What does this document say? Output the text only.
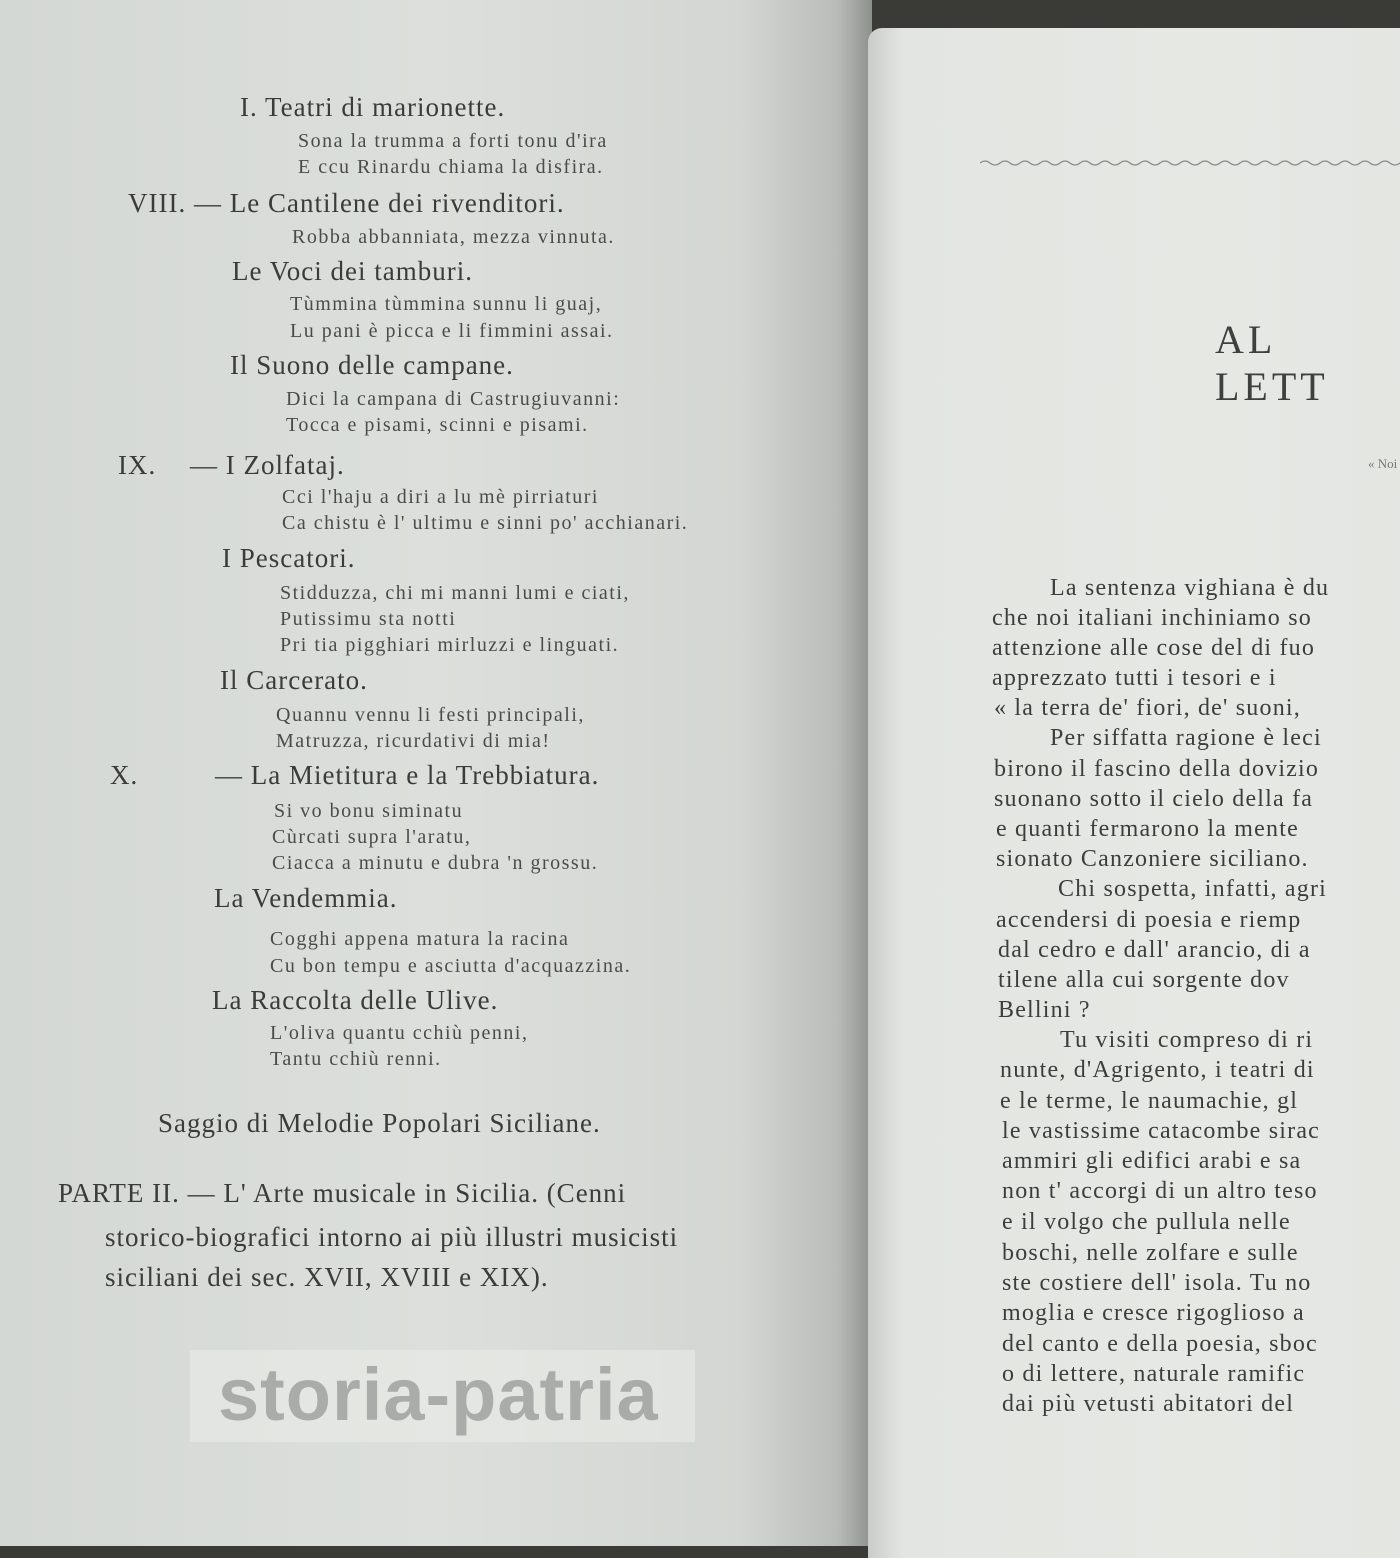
storia-patria
AL LETT
« Noi
I. Teatri di marionette.
Sona la trumma a forti tonu d'ira
E ccu Rinardu chiama la disfira.
VIII. — Le Cantilene dei rivenditori.
Robba abbanniata, mezza vinnuta.
Le Voci dei tamburi.
Tùmmina tùmmina sunnu li guaj,
Lu pani è picca e li fimmini assai.
Il Suono delle campane.
Dici la campana di Castrugiuvanni:
Tocca e pisami, scinni e pisami.
IX. — I Zolfataj.
Cci l'haju a diri a lu mè pirriaturi
Ca chistu è l' ultimu e sinni po' acchianari.
I Pescatori.
Stidduzza, chi mi manni lumi e ciati,
Putissimu sta notti
Pri tia pigghiari mirluzzi e linguati.
Il Carcerato.
Quannu vennu li festi principali,
Matruzza, ricurdativi di mia!
X.	— La Mietitura e la Trebbiatura.
Si vo bonu siminatu
Cùrcati supra l'aratu,
Ciacca a minutu e dubra 'n grossu.
La Vendemmia.
Cogghi appena matura la racina
Cu bon tempu e asciutta d'acquazzina.
La Raccolta delle Ulive.
L'oliva quantu cchiù penni,
Tantu cchiù renni.
Saggio di Melodie Popolari Siciliane.
PARTE II. — L' Arte musicale in Sicilia. (Cenni
storico-biografici intorno ai più illustri musicisti
siciliani dei sec. XVII, XVIII e XIX).
La sentenza vighiana è du
che noi italiani inchiniamo so
attenzione alle cose del di fuo
apprezzato tutti i tesori e i
« la terra de' fiori, de' suoni,
Per siffatta ragione è leci
birono il fascino della dovizio
suonano sotto il cielo della fa
e quanti fermarono la mente
sionato Canzoniere siciliano.
Chi sospetta, infatti, agri
accendersi di poesia e riemp
dal cedro e dall' arancio, di a
tilene alla cui sorgente dov
Bellini ?
Tu visiti compreso di ri
nunte, d'Agrigento, i teatri di
e le terme, le naumachie, gl
le vastissime catacombe sirac
ammiri gli edifici arabi e sa
non t' accorgi di un altro teso
e il volgo che pullula nelle
boschi, nelle zolfare e sulle
ste costiere dell' isola. Tu no
moglia e cresce rigoglioso a
del canto e della poesia, sboc
o di lettere, naturale ramific
dai più vetusti abitatori del
